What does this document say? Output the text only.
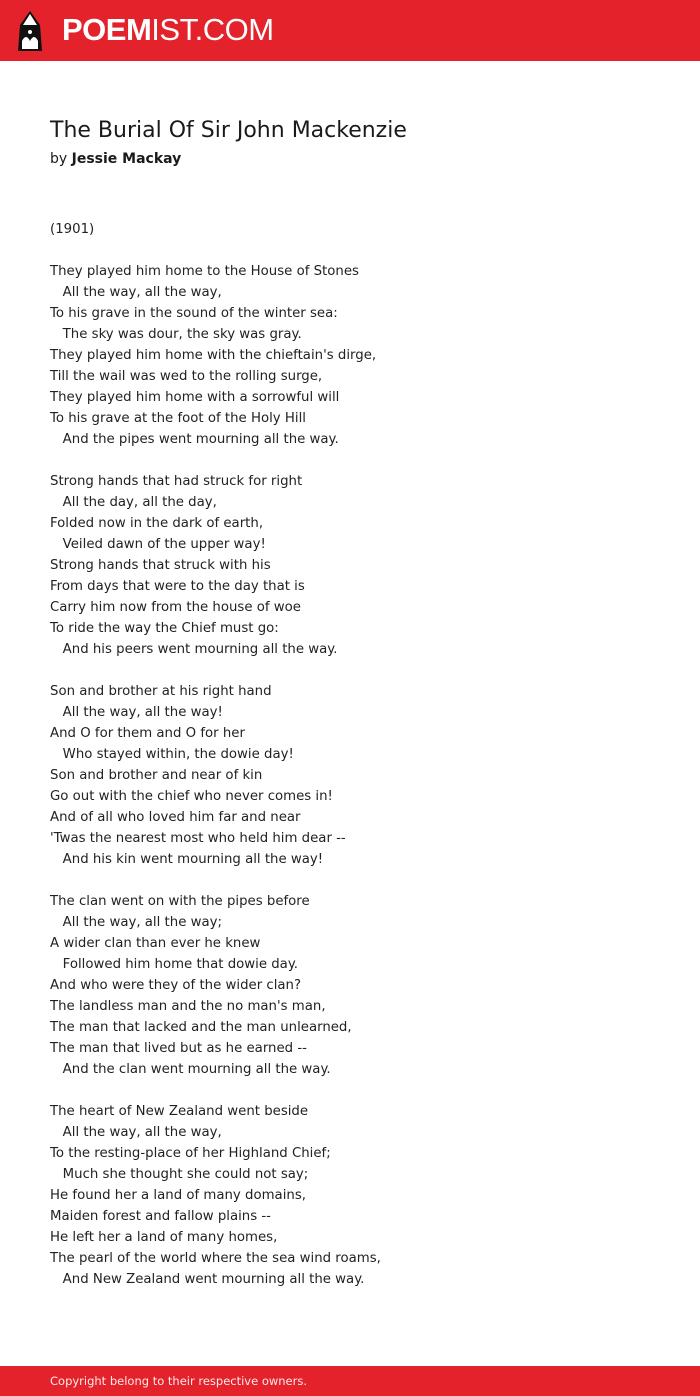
POEMIST.COM
The Burial Of Sir John Mackenzie
by Jessie Mackay
(1901)
They played him home to the House of Stones
All the way, all the way,
To his grave in the sound of the winter sea:
The sky was dour, the sky was gray.
They played him home with the chieftain's dirge,
Till the wail was wed to the rolling surge,
They played him home with a sorrowful will
To his grave at the foot of the Holy Hill
And the pipes went mourning all the way.
Strong hands that had struck for right
All the day, all the day,
Folded now in the dark of earth,
Veiled dawn of the upper way!
Strong hands that struck with his
From days that were to the day that is
Carry him now from the house of woe
To ride the way the Chief must go:
And his peers went mourning all the way.
Son and brother at his right hand
All the way, all the way!
And O for them and O for her
Who stayed within, the dowie day!
Son and brother and near of kin
Go out with the chief who never comes in!
And of all who loved him far and near
'Twas the nearest most who held him dear --
And his kin went mourning all the way!
The clan went on with the pipes before
All the way, all the way;
A wider clan than ever he knew
Followed him home that dowie day.
And who were they of the wider clan?
The landless man and the no man's man,
The man that lacked and the man unlearned,
The man that lived but as he earned --
And the clan went mourning all the way.
The heart of New Zealand went beside
All the way, all the way,
To the resting-place of her Highland Chief;
Much she thought she could not say;
He found her a land of many domains,
Maiden forest and fallow plains --
He left her a land of many homes,
The pearl of the world where the sea wind roams,
And New Zealand went mourning all the way.
Copyright belong to their respective owners.
